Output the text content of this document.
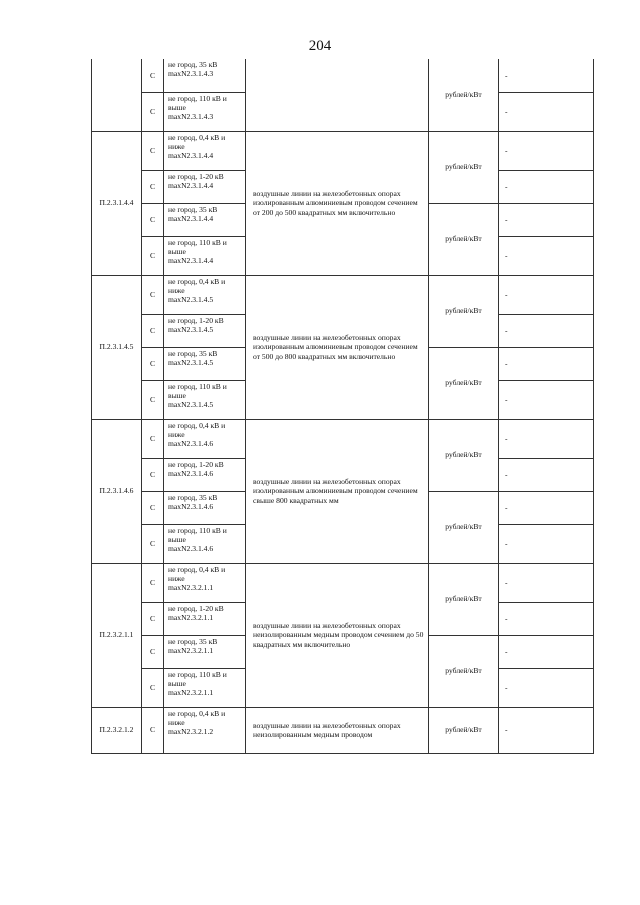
204
	С	не город, 35 кВ
maxN2.3.1.4.3		рублей/кВт	-
	С	не город, 110 кВ и
выше
maxN2.3.1.4.3			-
П.2.3.1.4.4	С	не город, 0,4 кВ и
ниже
maxN2.3.1.4.4	воздушные линии на железобетонных опорах изолированным алюминиевым проводом сечением от 200 до 500 квадратных мм включительно	рублей/кВт	-
	С	не город, 1-20 кВ
maxN2.3.1.4.4			-
	С	не город, 35 кВ
maxN2.3.1.4.4		рублей/кВт	-
	С	не город, 110 кВ и
выше
maxN2.3.1.4.4			-
П.2.3.1.4.5	С	не город, 0,4 кВ и
ниже
maxN2.3.1.4.5	воздушные линии на железобетонных опорах изолированным алюминиевым проводом сечением от 500 до 800 квадратных мм включительно	рублей/кВт	-
	С	не город, 1-20 кВ
maxN2.3.1.4.5			-
	С	не город, 35 кВ
maxN2.3.1.4.5		рублей/кВт	-
	С	не город, 110 кВ и
выше
maxN2.3.1.4.5			-
П.2.3.1.4.6	С	не город, 0,4 кВ и
ниже
maxN2.3.1.4.6	воздушные линии на железобетонных опорах изолированным алюминиевым проводом сечением свыше 800 квадратных мм	рублей/кВт	-
	С	не город, 1-20 кВ
maxN2.3.1.4.6			-
	С	не город, 35 кВ
maxN2.3.1.4.6		рублей/кВт	-
	С	не город, 110 кВ и
выше
maxN2.3.1.4.6			-
П.2.3.2.1.1	С	не город, 0,4 кВ и
ниже
maxN2.3.2.1.1	воздушные линии на железобетонных опорах неизолированным медным проводом сечением до 50 квадратных мм включительно	рублей/кВт	-
	С	не город, 1-20 кВ
maxN2.3.2.1.1			-
	С	не город, 35 кВ
maxN2.3.2.1.1		рублей/кВт	-
	С	не город, 110 кВ и
выше
maxN2.3.2.1.1			-
П.2.3.2.1.2	С	не город, 0,4 кВ и
ниже
maxN2.3.2.1.2	воздушные линии на железобетонных опорах неизолированным медным проводом	рублей/кВт	-
